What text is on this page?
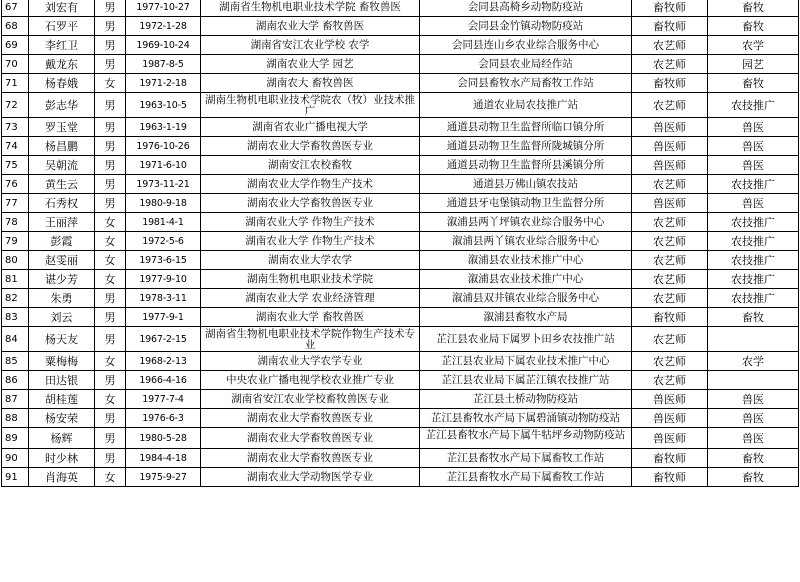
67	刘宏有	男	1977-10-27	湖南省生物机电职业技术学院 畜牧兽医	会同县高椅乡动物防疫站	畜牧师	畜牧
68	石罗平	男	1972-1-28	湖南农业大学 畜牧兽医	会同县金竹镇动物防疫站	畜牧师	畜牧
69	李红卫	男	1969-10-24	湖南省安江农业学校 农学	会同县连山乡农业综合服务中心	农艺师	农学
70	戴龙东	男	1987-8-5	湖南农业大学 园艺	会同县农业局经作站	农艺师	园艺
71	杨春娥	女	1971-2-18	湖南农大 畜牧兽医	会同县畜牧水产局畜牧工作站	畜牧师	畜牧
72	彭志华	男	1963-10-5	湖南生物机电职业技术学院农（牧）业技术推广	通道农业局农技推广站	农艺师	农技推广
73	罗玉堂	男	1963-1-19	湖南省农业广播电视大学	通道县动物卫生监督所临口镇分所	兽医师	兽医
74	杨昌鹏	男	1976-10-26	湖南农业大学畜牧兽医专业	通道县动物卫生监督所陇城镇分所	兽医师	兽医
75	吴朝流	男	1971-6-10	湖南安江农校畜牧	通道县动物卫生监督所县溪镇分所	兽医师	兽医
76	黄生云	男	1973-11-21	湖南农业大学作物生产技术	通道县万佛山镇农技站	农艺师	农技推广
77	石秀权	男	1980-9-18	湖南农业大学畜牧兽医专业	通道县牙屯堡镇动物卫生监督分所	兽医师	兽医
78	王丽萍	女	1981-4-1	湖南农业大学 作物生产技术	溆浦县两丫坪镇农业综合服务中心	农艺师	农技推广
79	彭霞	女	1972-5-6	湖南农业大学 作物生产技术	溆浦县两丫镇农业综合服务中心	农艺师	农技推广
80	赵雯丽	女	1973-6-15	湖南农业大学农学	溆浦县农业技术推广中心	农艺师	农技推广
81	谌少芳	女	1977-9-10	湖南生物机电职业技术学院	溆浦县农业技术推广中心	农艺师	农技推广
82	朱勇	男	1978-3-11	湖南农业大学 农业经济管理	溆浦县双井镇农业综合服务中心	农艺师	农技推广
83	刘云	男	1977-9-1	湖南农业大学 畜牧兽医	溆浦县畜牧水产局	畜牧师	畜牧
84	杨天友	男	1967-2-15	湖南省生物机电职业技术学院作物生产技术专业	芷江县农业局下属罗卜田乡农技推广站	农艺师	
85	粟梅梅	女	1968-2-13	湖南农业大学农学专业	芷江县农业局下属农业技术推广中心	农艺师	农学
86	田达银	男	1966-4-16	中央农业广播电视学校农业推广专业	芷江县农业局下属芷江镇农技推广站	农艺师	
87	胡桂莲	女	1977-7-4	湖南省安江农业学校畜牧兽医专业	芷江县土桥动物防疫站	兽医师	兽医
88	杨安荣	男	1976-6-3	湖南农业大学畜牧兽医专业	芷江县畜牧水产局下属碧涌镇动物防疫站	兽医师	兽医
89	杨辉	男	1980-5-28	湖南农业大学畜牧兽医专业	芷江县畜牧水产局下属牛牯坪乡动物防疫站	兽医师	兽医
90	时少林	男	1984-4-18	湖南农业大学畜牧兽医专业	芷江县畜牧水产局下属畜牧工作站	畜牧师	畜牧
91	肖海英	女	1975-9-27	湖南农业大学动物医学专业	芷江县畜牧水产局下属畜牧工作站	畜牧师	畜牧
